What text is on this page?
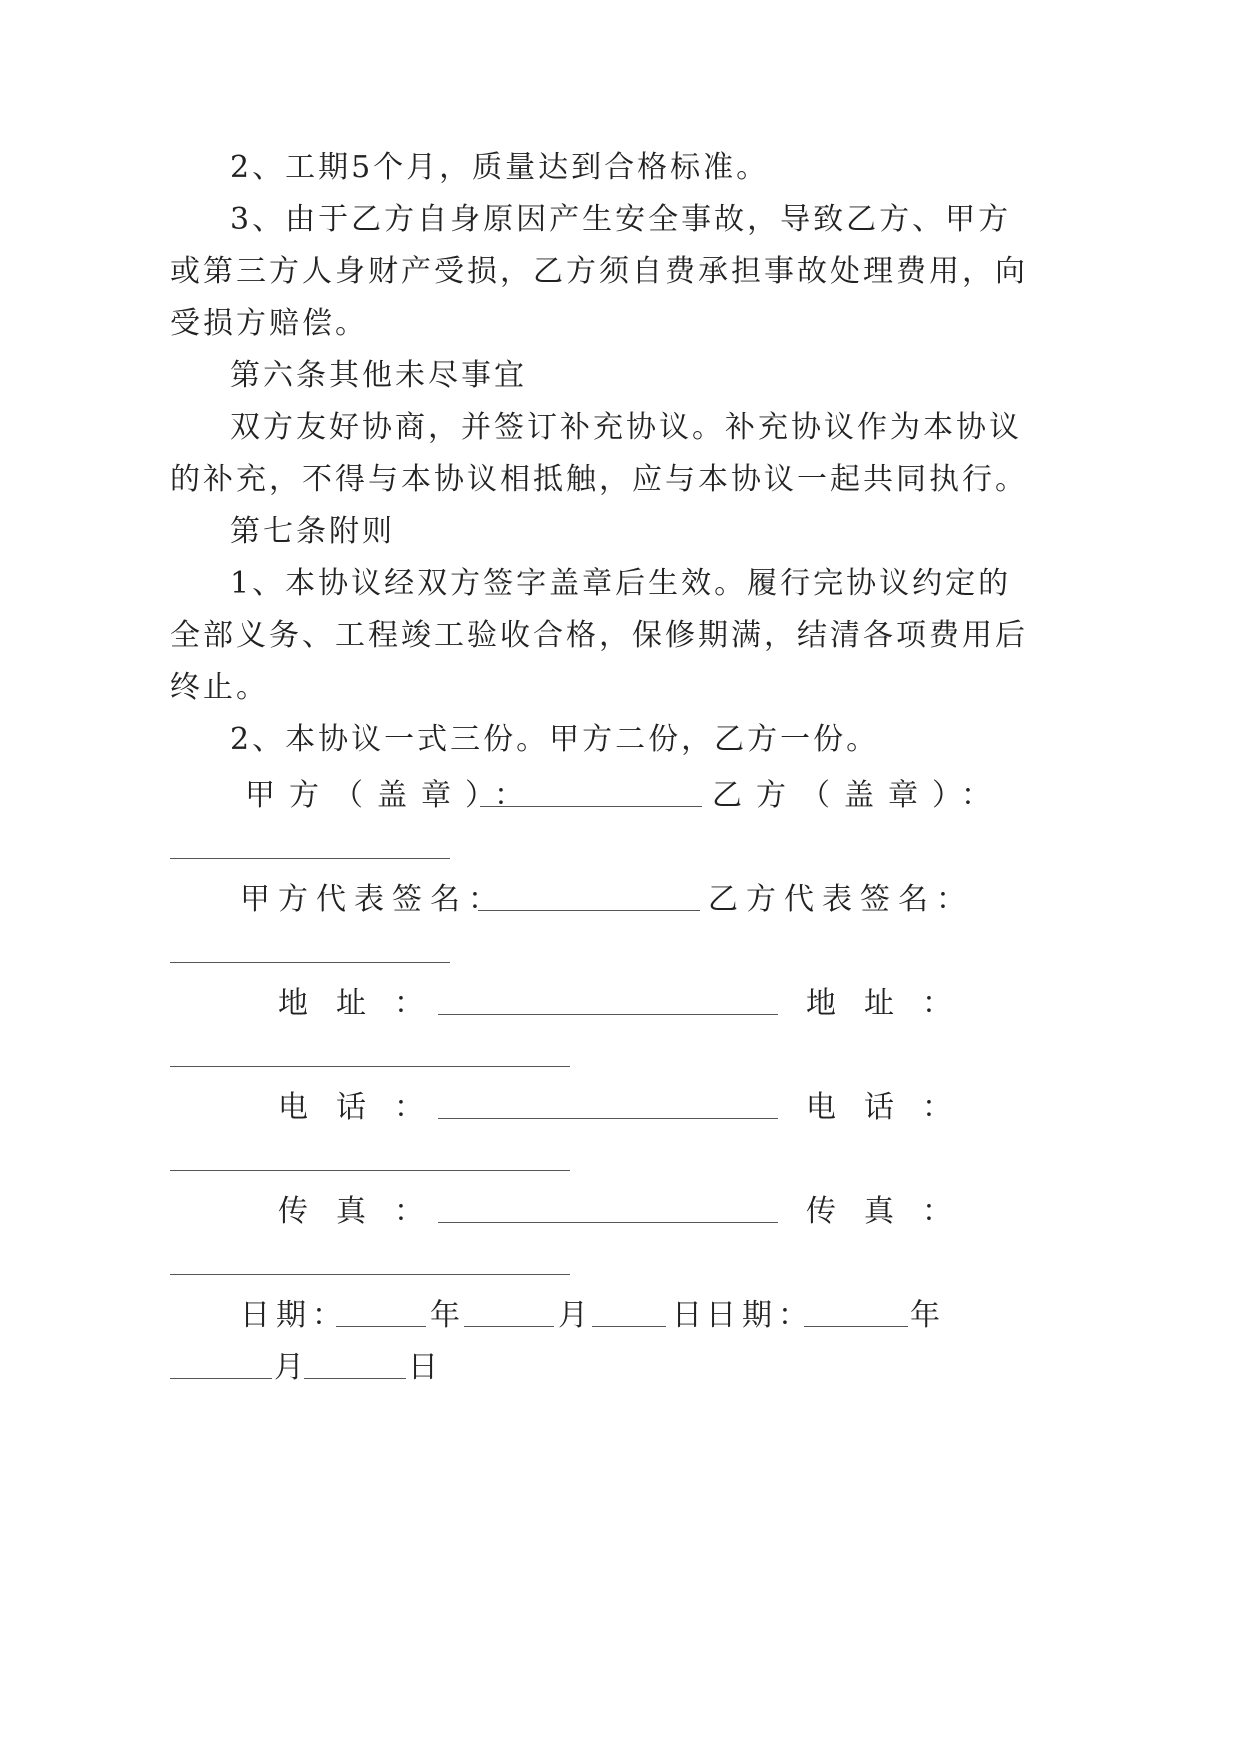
2、工期5个月，质量达到合格标准。
3、由于乙方自身原因产生安全事故，导致乙方、甲方
或第三方人身财产受损，乙方须自费承担事故处理费用，向
受损方赔偿。
第六条其他未尽事宜
双方友好协商，并签订补充协议。补充协议作为本协议
的补充，不得与本协议相抵触，应与本协议一起共同执行。
第七条附则
1、本协议经双方签字盖章后生效。履行完协议约定的
全部义务、工程竣工验收合格，保修期满，结清各项费用后
终止。
2、本协议一式三份。甲方二份，乙方一份。
甲方（盖章）：	乙方（盖章）：
甲方代表签名：	乙方代表签名：
地址：	地址：
电话：	电话：
传真：	传真：
日期：	年	月	日 日期：	年
月	日
